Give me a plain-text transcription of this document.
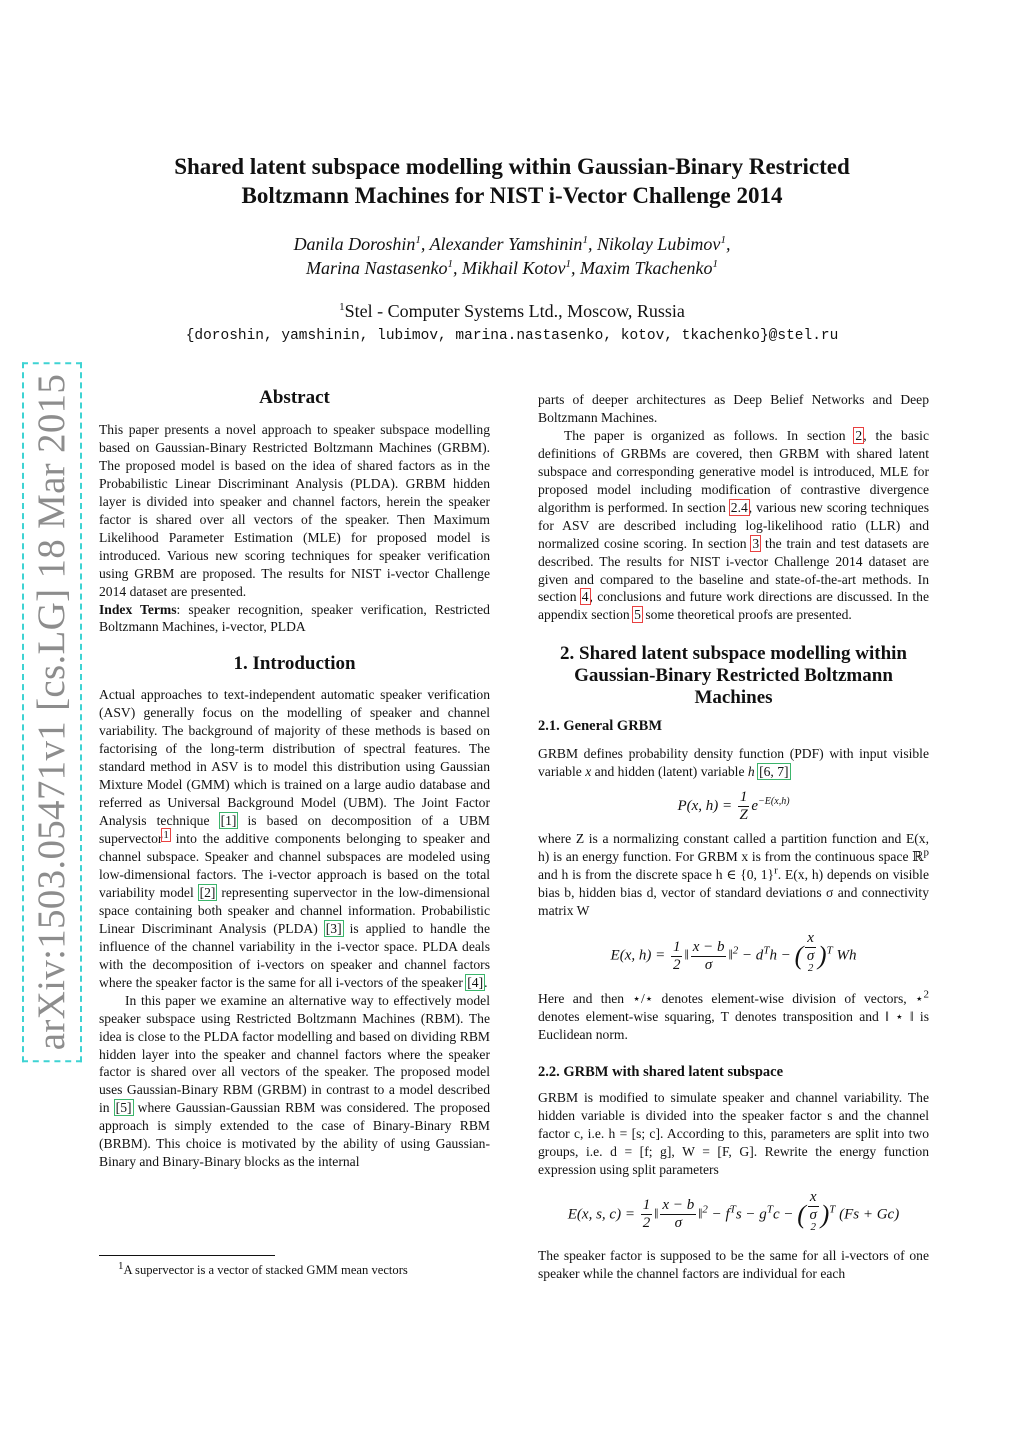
Shared latent subspace modelling within Gaussian-Binary Restricted
Boltzmann Machines for NIST i-Vector Challenge 2014
Danila Doroshin$^1$, Alexander Yamshinin$^1$, Nikolay Lubimov$^1$,
Marina Nastasenko$^1$, Mikhail Kotov$^1$, Maxim Tkachenko$^1$
$^1$Stel - Computer Systems Ltd., Moscow, Russia
{doroshin, yamshinin, lubimov, marina.nastasenko, kotov, tkachenko}@stel.ru
arXiv:1503.05471v1 [cs.LG] 18 Mar 2015	Abstract

This paper presents a novel approach to speaker subspace modelling based on Gaussian-Binary Restricted Boltzmann Machines (GRBM). The proposed model is based on the idea of shared factors as in the Probabilistic Linear Discriminant Analysis (PLDA). GRBM hidden layer is divided into speaker and channel factors, herein the speaker factor is shared over all vectors of the speaker. Then Maximum Likelihood Parameter Estimation (MLE) for proposed model is introduced. Various new scoring techniques for speaker verification using GRBM are proposed. The results for NIST i-vector Challenge 2014 dataset are presented.

Index Terms: speaker recognition, speaker verification, Restricted Boltzmann Machines, i-vector, PLDA

1. Introduction

Actual approaches to text-independent automatic speaker verification (ASV) generally focus on the modelling of speaker and channel variability. The background of majority of these methods is based on factorising of the long-term distribution of spectral features. The standard method in ASV is to model this distribution using Gaussian Mixture Model (GMM) which is trained on a large audio database and referred as Universal Background Model (UBM). The Joint Factor Analysis technique [1] is based on decomposition of a UBM supervector$^1$ into the additive components belonging to speaker and channel subspace. Speaker and channel subspaces are modeled using low-dimensional factors. The i-vector approach is based on the total variability model [2] representing supervector in the low-dimensional space containing both speaker and channel information. Probabilistic Linear Discriminant Analysis (PLDA) [3] is applied to handle the influence of the channel variability in the i-vector space. PLDA deals with the decomposition of i-vectors on speaker and channel factors where the speaker factor is the same for all i-vectors of the speaker [4].

In this paper we examine an alternative way to effectively model speaker subspace using Restricted Boltzmann Machines (RBM). The idea is close to the PLDA factor modelling and based on dividing RBM hidden layer into the speaker and channel factors where the speaker factor is shared over all vectors of the speaker. The proposed model uses Gaussian-Binary RBM (GRBM) in contrast to a model described in [5] where Gaussian-Gaussian RBM was considered. The proposed approach is simply extended to the case of Binary-Binary RBM (BRBM). This choice is motivated by the ability of using Gaussian-Binary and Binary-Binary blocks as the internal

$^1$A supervector is a vector of stacked GMM mean vectors

parts of deeper architectures as Deep Belief Networks and Deep Boltzmann Machines.

The paper is organized as follows. In section 2, the basic definitions of GRBMs are covered, then GRBM with shared latent subspace and corresponding generative model is introduced, MLE for proposed model including modification of contrastive divergence algorithm is performed. In section 2.4, various new scoring techniques for ASV are described including log-likelihood ratio (LLR) and normalized cosine scoring. In section 3 the train and test datasets are described. The results for NIST i-vector Challenge 2014 dataset are given and compared to the baseline and state-of-the-art methods. In section 4, conclusions and future work directions are discussed. In the appendix section 5 some theoretical proofs are presented.

2. Shared latent subspace modelling within
Gaussian-Binary Restricted Boltzmann
Machines
2.1. General GRBM

GRBM defines probability density function (PDF) with input visible variable x and hidden (latent) variable h [6, 7]

P(x, $h) = \frac{1}{Z} e^{-E(x,h)}$

where Z is a normalizing constant called a partition function and E(x, h) is an energy function. For GRBM x is from the continuous space ℝ$^p$ and h is from the discrete space h ∈ {0, 1}$^r$. E(x, h) depends on visible bias b, hidden bias d, vector of standard deviations σ and connectivity matrix W

E(x, $h) = \frac{1}{2}$ ‖ $\frac{x - b}{\sigma}$ ‖$^2$ − $d^Th$ − ( x
σ
$^2$ )$^T$ Wh

Here and then ⋆/⋆ denotes element-wise division of vectors, ⋆$^2$ denotes element-wise squaring, T denotes transposition and ‖ ⋆ ‖ is Euclidean norm.

2.2. GRBM with shared latent subspace

GRBM is modified to simulate speaker and channel variability. The hidden variable is divided into the speaker factor s and the channel factor c, i.e. h = [s; c]. According to this, parameters are split into two groups, i.e. d = [f; g], W = [F, G]. Rewrite the energy function expression using split parameters

E(x, s, $c) = \frac{1}{2}$ ‖ $\frac{x - b}{\sigma}$ ‖$^2$ − $f^Ts - g^Tc$ − ( x
σ
$^2$ )$^T$ (Fs + Gc)

The speaker factor is supposed to be the same for all i-vectors of one speaker while the channel factors are individual for each
